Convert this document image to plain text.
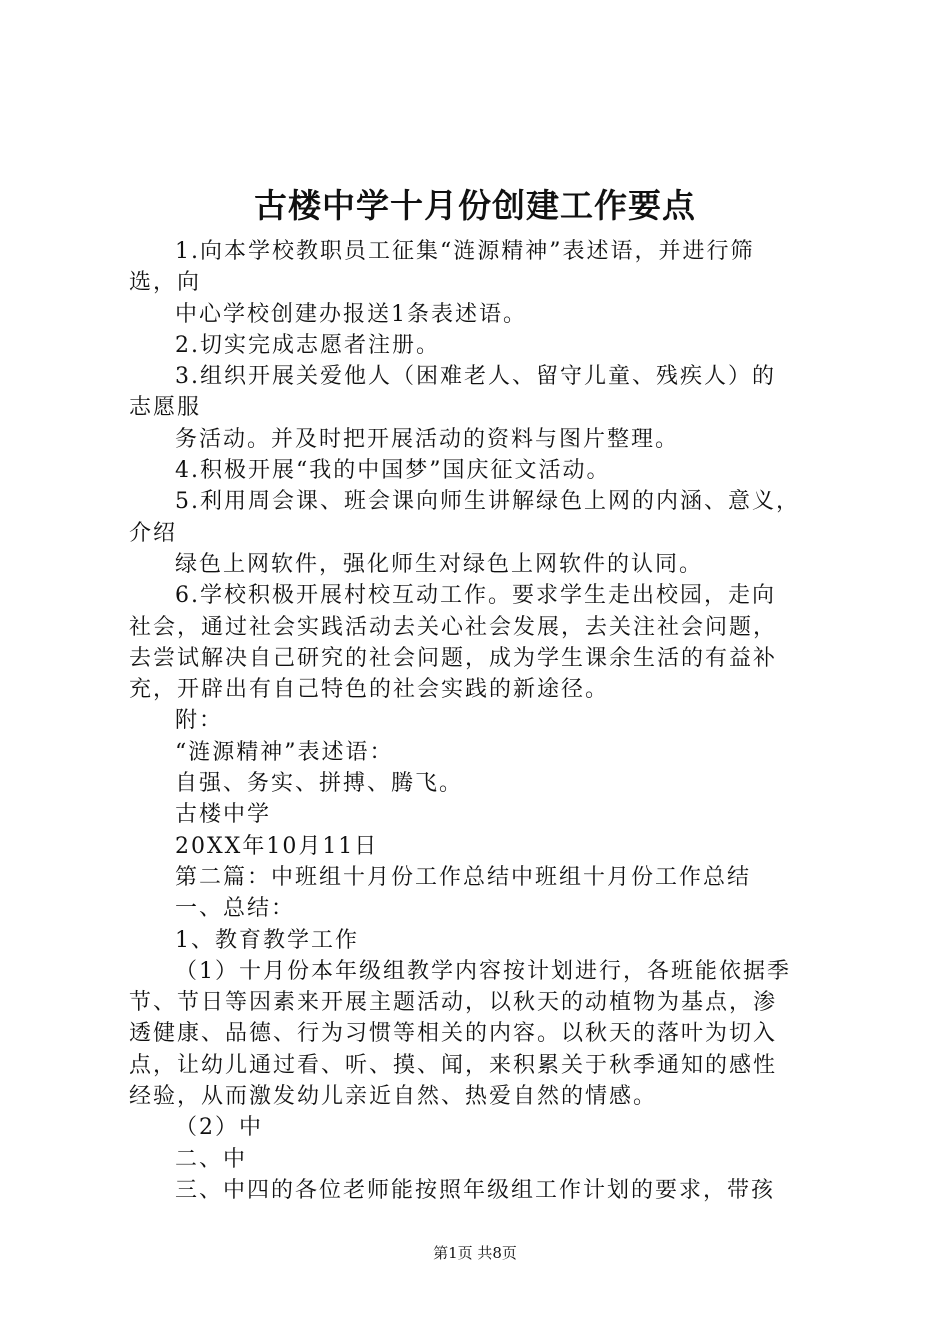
古楼中学十月份创建工作要点
1.向本学校教职员工征集“涟源精神”表述语，并进行筛
选，向
中心学校创建办报送1条表述语。
2.切实完成志愿者注册。
3.组织开展关爱他人（困难老人、留守儿童、残疾人）的
志愿服
务活动。并及时把开展活动的资料与图片整理。
4.积极开展“我的中国梦”国庆征文活动。
5.利用周会课、班会课向师生讲解绿色上网的内涵、意义，
介绍
绿色上网软件，强化师生对绿色上网软件的认同。
6.学校积极开展村校互动工作。要求学生走出校园，走向
社会，通过社会实践活动去关心社会发展，去关注社会问题，
去尝试解决自己研究的社会问题，成为学生课余生活的有益补
充，开辟出有自己特色的社会实践的新途径。
附：
“涟源精神”表述语：
自强、务实、拼搏、腾飞。
古楼中学
20XX年10月11日
第二篇：中班组十月份工作总结中班组十月份工作总结
一、总结：
1、教育教学工作
（1）十月份本年级组教学内容按计划进行，各班能依据季
节、节日等因素来开展主题活动，以秋天的动植物为基点，渗
透健康、品德、行为习惯等相关的内容。以秋天的落叶为切入
点，让幼儿通过看、听、摸、闻，来积累关于秋季通知的感性
经验，从而激发幼儿亲近自然、热爱自然的情感。
（2）中
二、中
三、中四的各位老师能按照年级组工作计划的要求，带孩
第1页 共8页
